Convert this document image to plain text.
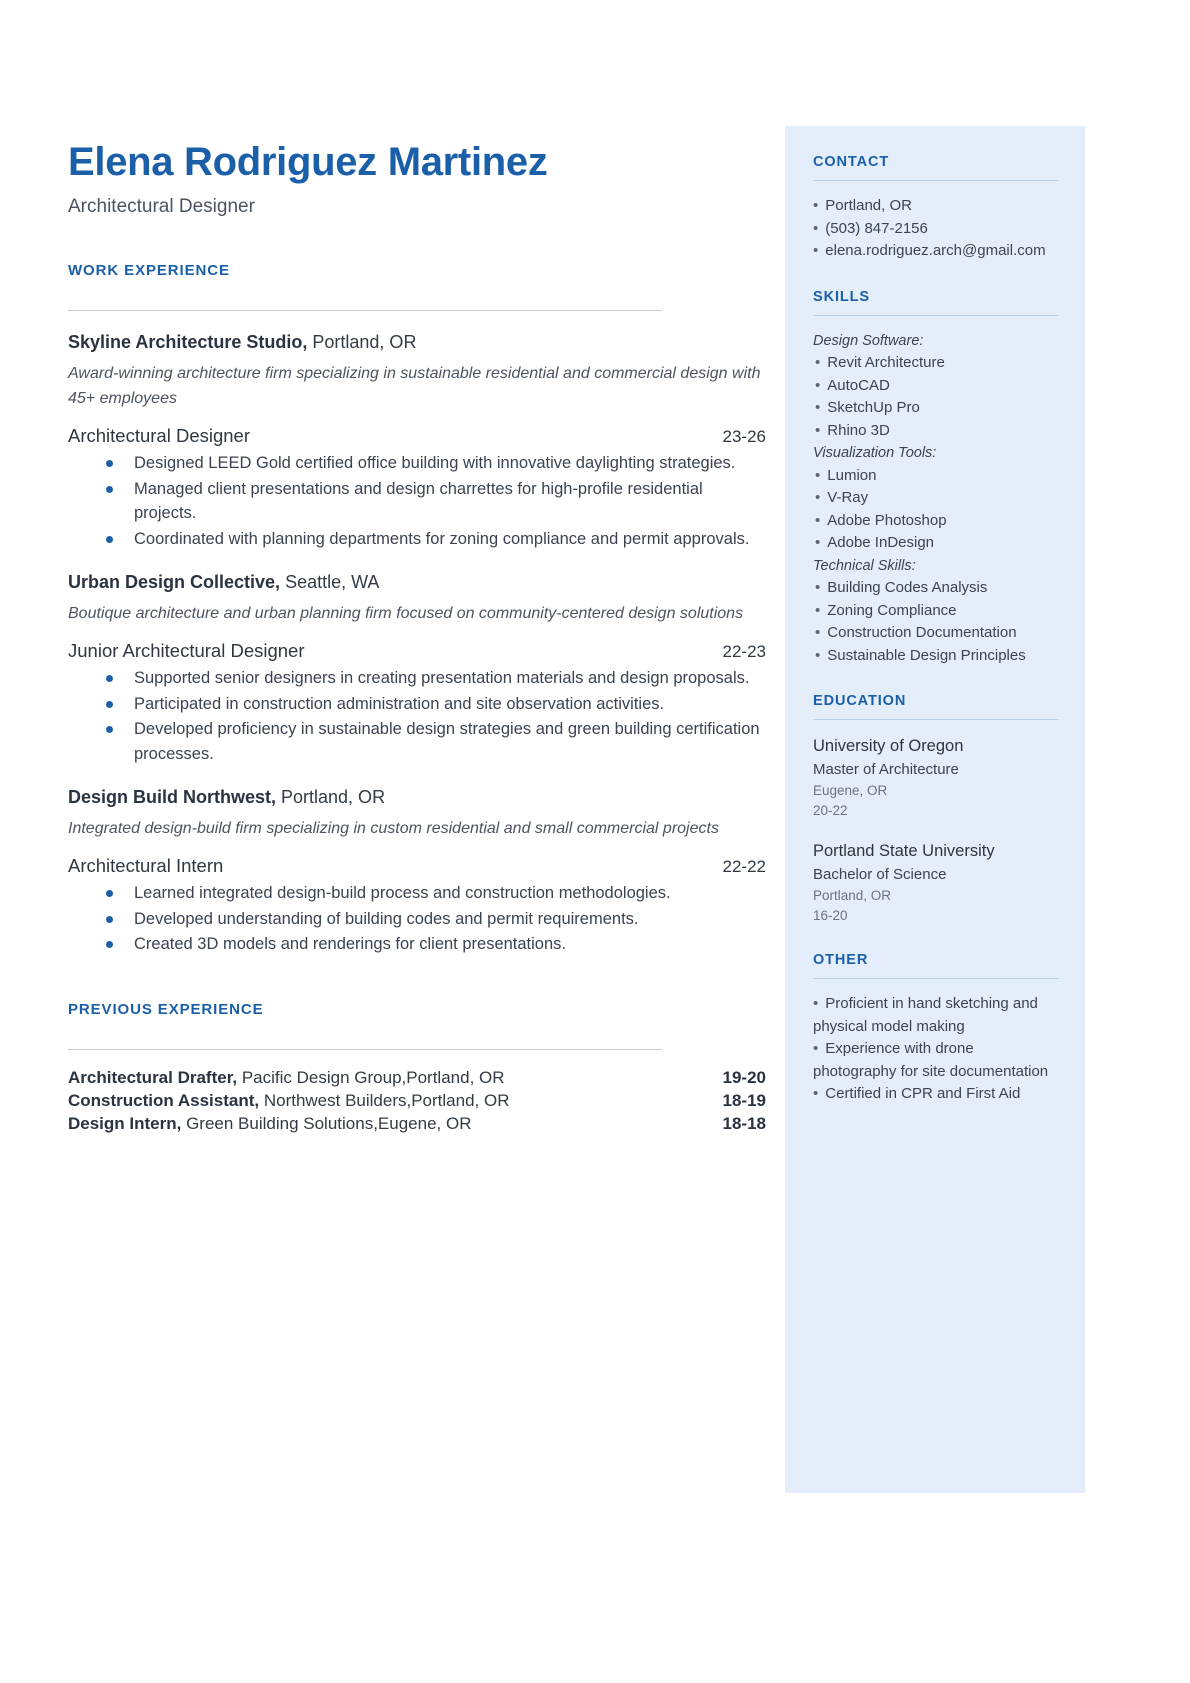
CONTACT
• Portland, OR
• (503) 847-2156
• elena.rodriguez.arch@gmail.com
SKILLS
Design Software:
• Revit Architecture
• AutoCAD
• SketchUp Pro
• Rhino 3D
Visualization Tools:
• Lumion
• V-Ray
• Adobe Photoshop
• Adobe InDesign
Technical Skills:
• Building Codes Analysis
• Zoning Compliance
• Construction Documentation
• Sustainable Design Principles
EDUCATION
University of Oregon
Master of Architecture
Eugene, OR
20-22
Portland State University
Bachelor of Science
Portland, OR
16-20
OTHER
• Proficient in hand sketching and physical model making
• Experience with drone photography for site documentation
• Certified in CPR and First Aid
Elena Rodriguez Martinez
Architectural Designer
WORK EXPERIENCE
Skyline Architecture Studio, Portland, OR
Award-winning architecture firm specializing in sustainable residential and commercial design with 45+ employees
Architectural Designer	23-26
Designed LEED Gold certified office building with innovative daylighting strategies.
Managed client presentations and design charrettes for high-profile residential projects.
Coordinated with planning departments for zoning compliance and permit approvals.
Urban Design Collective, Seattle, WA
Boutique architecture and urban planning firm focused on community-centered design solutions
Junior Architectural Designer	22-23
Supported senior designers in creating presentation materials and design proposals.
Participated in construction administration and site observation activities.
Developed proficiency in sustainable design strategies and green building certification processes.
Design Build Northwest, Portland, OR
Integrated design-build firm specializing in custom residential and small commercial projects
Architectural Intern	22-22
Learned integrated design-build process and construction methodologies.
Developed understanding of building codes and permit requirements.
Created 3D models and renderings for client presentations.
PREVIOUS EXPERIENCE
Architectural Drafter, Pacific Design Group,Portland, OR	19-20
Construction Assistant, Northwest Builders,Portland, OR	18-19
Design Intern, Green Building Solutions,Eugene, OR	18-18
